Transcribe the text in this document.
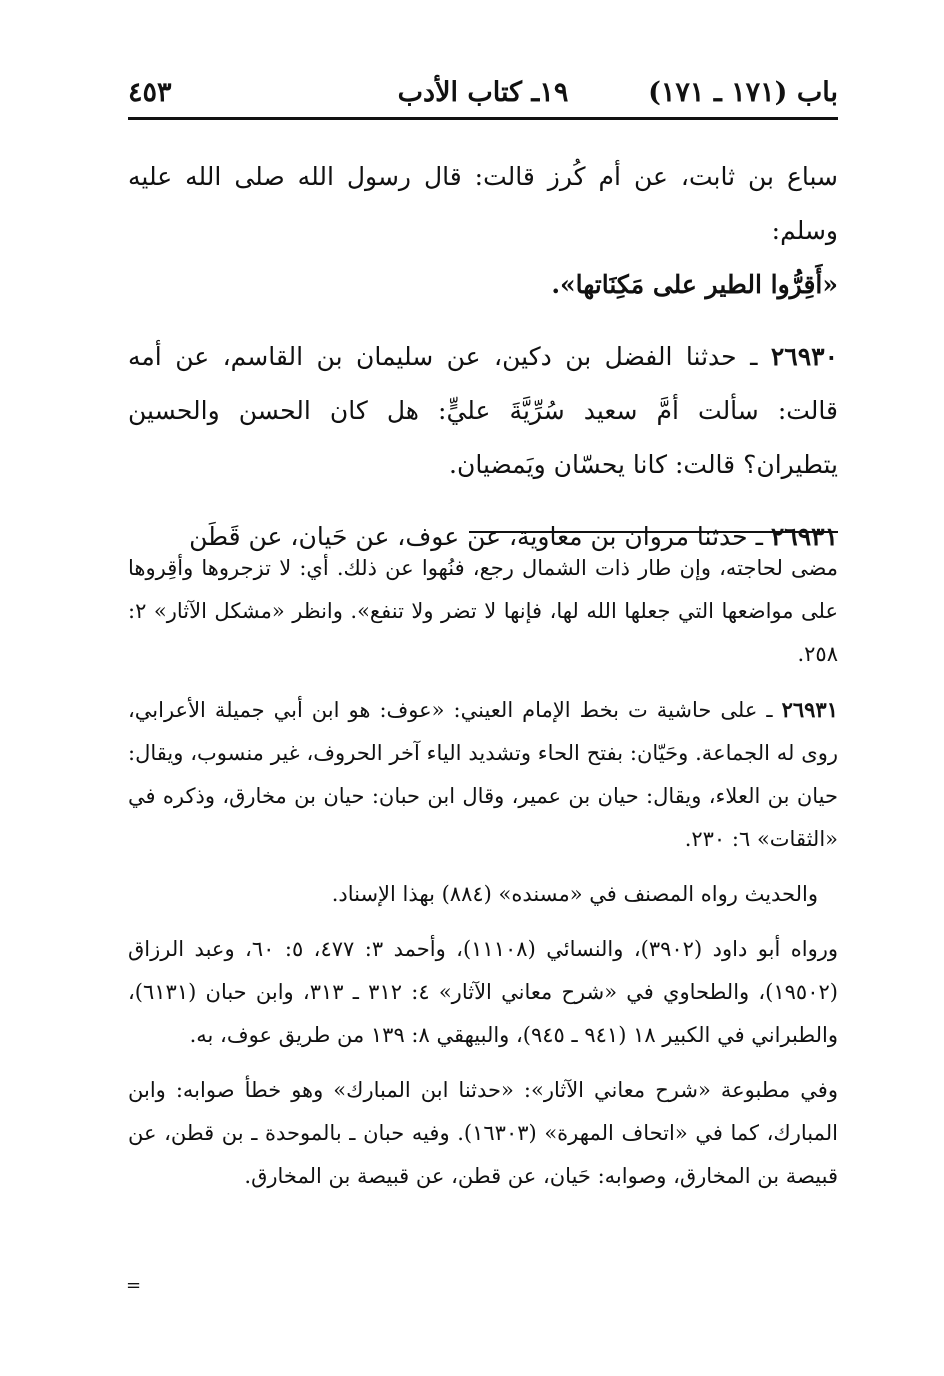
باب (١٧١ ـ ١٧١)
١٩ـ كتاب الأدب
٤٥٣

سباع بن ثابت، عن أم كُرز قالت: قال رسول الله صلى الله عليه وسلم:
«أَقِرُّوا الطير على مَكِنَاتها».

٢٦٩٣٠ ـ حدثنا الفضل بن دكين، عن سليمان بن القاسم، عن أمه قالت: سألت أمَّ سعيد سُرِّيَّةَ عليٍّ: هل كان الحسن والحسين يتطيران؟ قالت: كانا يحسّان ويَمضيان.

٢٦٩٣١ ـ حدثنا مروان بن معاوية، عن عوف، عن حَيان، عن قَطَن

مضى لحاجته، وإن طار ذات الشمال رجع، فنُهوا عن ذلك. أي: لا تزجروها وأقِروها على مواضعها التي جعلها الله لها، فإنها لا تضر ولا تنفع». وانظر «مشكل الآثار» ٢: ٢٥٨.

٢٦٩٣١ ـ على حاشية ت بخط الإمام العيني: «عوف: هو ابن أبي جميلة الأعرابي، روى له الجماعة. وحَيّان: بفتح الحاء وتشديد الياء آخر الحروف، غير منسوب، ويقال: حيان بن العلاء، ويقال: حيان بن عمير، وقال ابن حبان: حيان بن مخارق، وذكره في «الثقات» ٦: ٢٣٠.

والحديث رواه المصنف في «مسنده» (٨٨٤) بهذا الإسناد.

ورواه أبو داود (٣٩٠٢)، والنسائي (١١١٠٨)، وأحمد ٣: ٤٧٧، ٥: ٦٠، وعبد الرزاق (١٩٥٠٢)، والطحاوي في «شرح معاني الآثار» ٤: ٣١٢ ـ ٣١٣، وابن حبان (٦١٣١)، والطبراني في الكبير ١٨ (٩٤١ ـ ٩٤٥)، والبيهقي ٨: ١٣٩ من طريق عوف، به.

وفي مطبوعة «شرح معاني الآثار»: «حدثنا ابن المبارك» وهو خطأ صوابه: وابن المبارك، كما في «اتحاف المهرة» (١٦٣٠٣). وفيه حبان ـ بالموحدة ـ بن قطن، عن قبيصة بن المخارق، وصوابه: حَيان، عن قطن، عن قبيصة بن المخارق.

=
